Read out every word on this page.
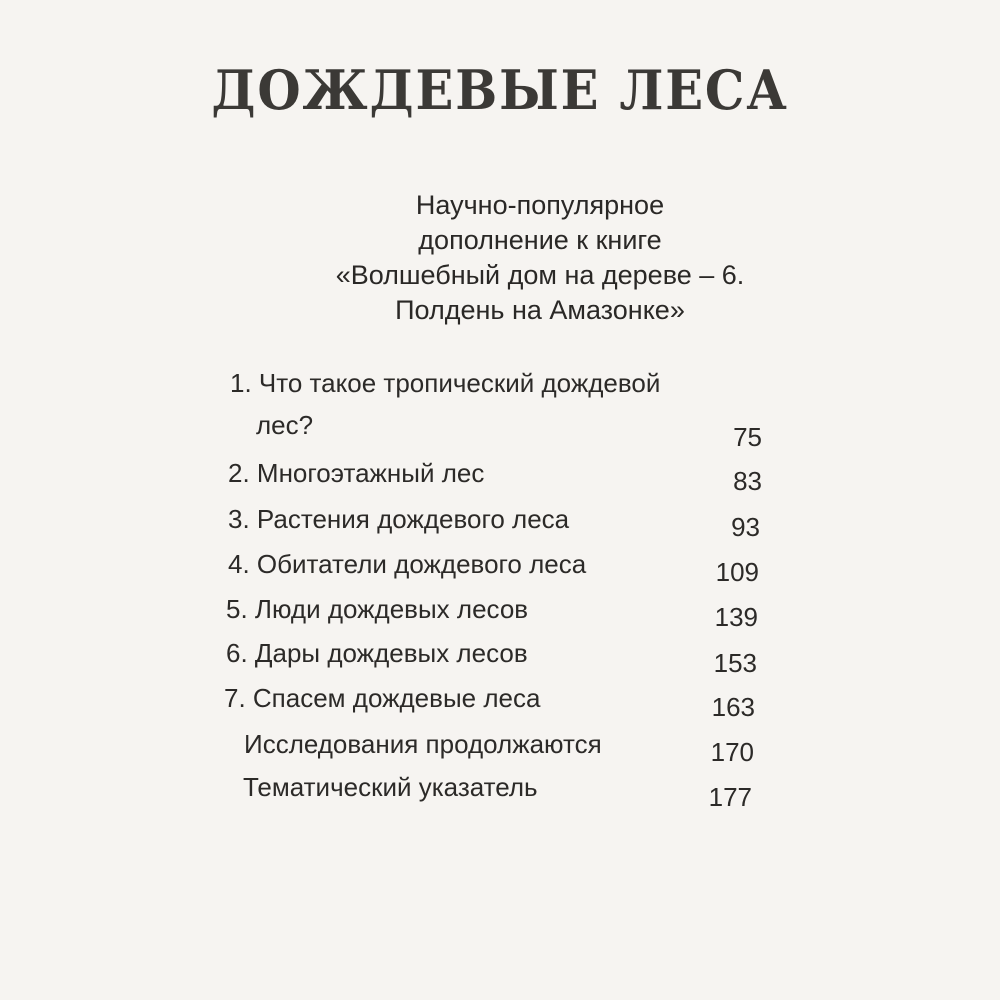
ДОЖДЕВЫЕ ЛЕСА
Научно-популярное
дополнение к книге
«Волшебный дом на дереве – 6.
Полдень на Амазонке»
1. Что такое тропический дождевой
лес?	75
2. Многоэтажный лес	83
3. Растения дождевого леса	93
4. Обитатели дождевого леса	109
5. Люди дождевых лесов	139
6. Дары дождевых лесов	153
7. Спасем дождевые леса	163
Исследования продолжаются	170
Тематический указатель	177
